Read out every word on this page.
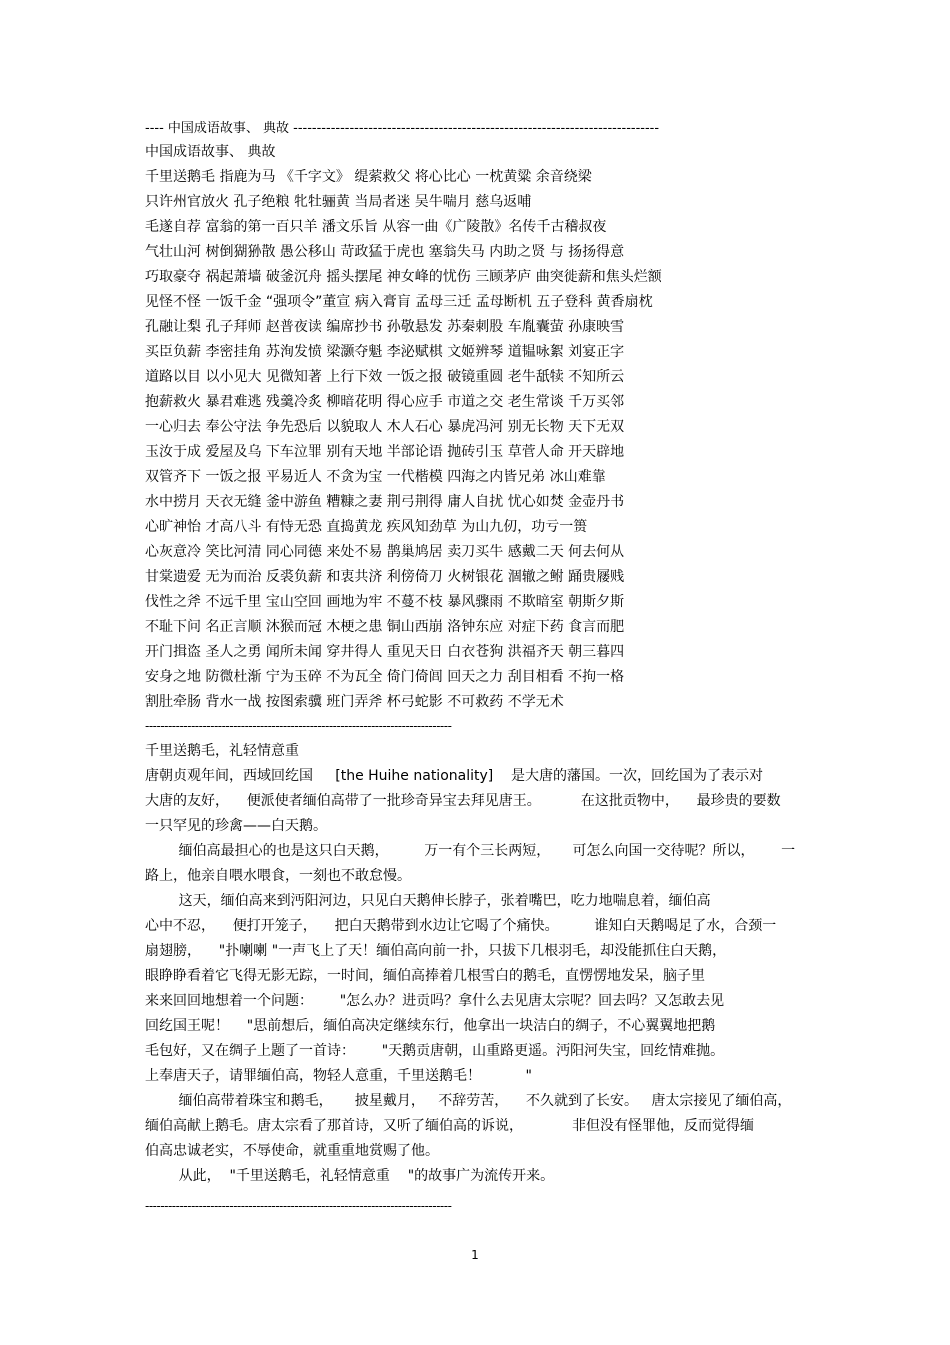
---- 中国成语故事、 典故 ------------------------------------------------------------------------------
中国成语故事、 典故
千里送鹅毛 指鹿为马 《千字文》 缇萦救父 将心比心 一枕黄粱 余音绕梁
只许州官放火 孔子绝粮 牝牡骊黄 当局者迷 吴牛喘月 慈乌返哺
毛遂自荐 富翁的第一百只羊 潘文乐旨 从容一曲《广陵散》名传千古稽叔夜
气壮山河 树倒猢狲散 愚公移山 苛政猛于虎也 塞翁失马 内助之贤 与 扬扬得意
巧取豪夺 祸起萧墙 破釜沉舟 摇头摆尾 神女峰的忧伤 三顾茅庐 曲突徙薪和焦头烂额
见怪不怪 一饭千金 “强项令”董宣 病入膏肓 孟母三迁 孟母断机 五子登科 黄香扇枕
孔融让梨 孔子拜师 赵普夜读 编席抄书 孙敬悬发 苏秦刺股 车胤囊萤 孙康映雪
买臣负薪 李密挂角 苏洵发愤 梁灏夺魁 李泌赋棋 文姬辨琴 道韫咏絮 刘宴正字
道路以目 以小见大 见微知著 上行下效 一饭之报 破镜重圆 老牛舐犊 不知所云
抱薪救火 暴君难逃 残羹冷炙 柳暗花明 得心应手 市道之交 老生常谈 千万买邻
一心归去 奉公守法 争先恐后 以貌取人 木人石心 暴虎冯河 别无长物 天下无双
玉汝于成 爱屋及乌 下车泣罪 别有天地 半部论语 抛砖引玉 草菅人命 开天辟地
双管齐下 一饭之报 平易近人 不贪为宝 一代楷模 四海之内皆兄弟 冰山难靠
水中捞月 天衣无缝 釜中游鱼 糟糠之妻 荆弓荆得 庸人自扰 忧心如焚 金壶丹书
心旷神怡 才高八斗 有恃无恐 直捣黄龙 疾风知劲草 为山九仞，功亏一篑
心灰意冷 笑比河清 同心同德 来处不易 鹊巢鸠居 卖刀买牛 感戴二天 何去何从
甘棠遗爱 无为而治 反裘负薪 和衷共济 利傍倚刀 火树银花 涸辙之鲋 踊贵屦贱
伐性之斧 不远千里 宝山空回 画地为牢 不蔓不枝 暴风骤雨 不欺暗室 朝斯夕斯
不耻下问 名正言顺 沐猴而冠 木梗之患 铜山西崩 洛钟东应 对症下药 食言而肥
开门揖盗 圣人之勇 闻所未闻 穿井得人 重见天日 白衣苍狗 洪福齐天 朝三暮四
安身之地 防微杜渐 宁为玉碎 不为瓦全 倚门倚闾 回天之力 刮目相看 不拘一格
割肚牵肠 背水一战 按图索骥 班门弄斧 杯弓蛇影 不可救药 不学无术
--------------------------------------------------------------------------------
千里送鹅毛，礼轻情意重
唐朝贞观年间，西域回纥国     [the Huihe nationality]    是大唐的藩国。一次，回纥国为了表示对
大唐的友好，    便派使者缅伯高带了一批珍奇异宝去拜见唐王。         在这批贡物中，    最珍贵的要数
一只罕见的珍禽——白天鹅。
缅伯高最担心的也是这只白天鹅，        万一有个三长两短，     可怎么向国一交待呢？所以，      一
路上，他亲自喂水喂食，一刻也不敢怠慢。
这天，缅伯高来到沔阳河边，只见白天鹅伸长脖子，张着嘴巴，吃力地喘息着，缅伯高
心中不忍，    便打开笼子，    把白天鹅带到水边让它喝了个痛快。        谁知白天鹅喝足了水，合颈一
扇翅膀，    "扑喇喇 "一声飞上了天！缅伯高向前一扑，只拔下几根羽毛，却没能抓住白天鹅，
眼睁睁看着它飞得无影无踪，一时间，缅伯高捧着几根雪白的鹅毛，直愣愣地发呆，脑子里
来来回回地想着一个问题：      "怎么办？进贡吗？拿什么去见唐太宗呢？回去吗？又怎敢去见
回纥国王呢！    "思前想后，缅伯高决定继续东行，他拿出一块洁白的绸子，不心翼翼地把鹅
毛包好，又在绸子上题了一首诗：      "天鹅贡唐朝，山重路更遥。沔阳河失宝，回纥情难抛。
上奉唐天子，请罪缅伯高，物轻人意重，千里送鹅毛！          "
缅伯高带着珠宝和鹅毛，     披星戴月，   不辞劳苦，    不久就到了长安。   唐太宗接见了缅伯高，
缅伯高献上鹅毛。唐太宗看了那首诗，又听了缅伯高的诉说，           非但没有怪罪他，反而觉得缅
伯高忠诚老实，不辱使命，就重重地赏赐了他。
从此，  "千里送鹅毛，礼轻情意重    "的故事广为流传开来。
--------------------------------------------------------------------------------
1
